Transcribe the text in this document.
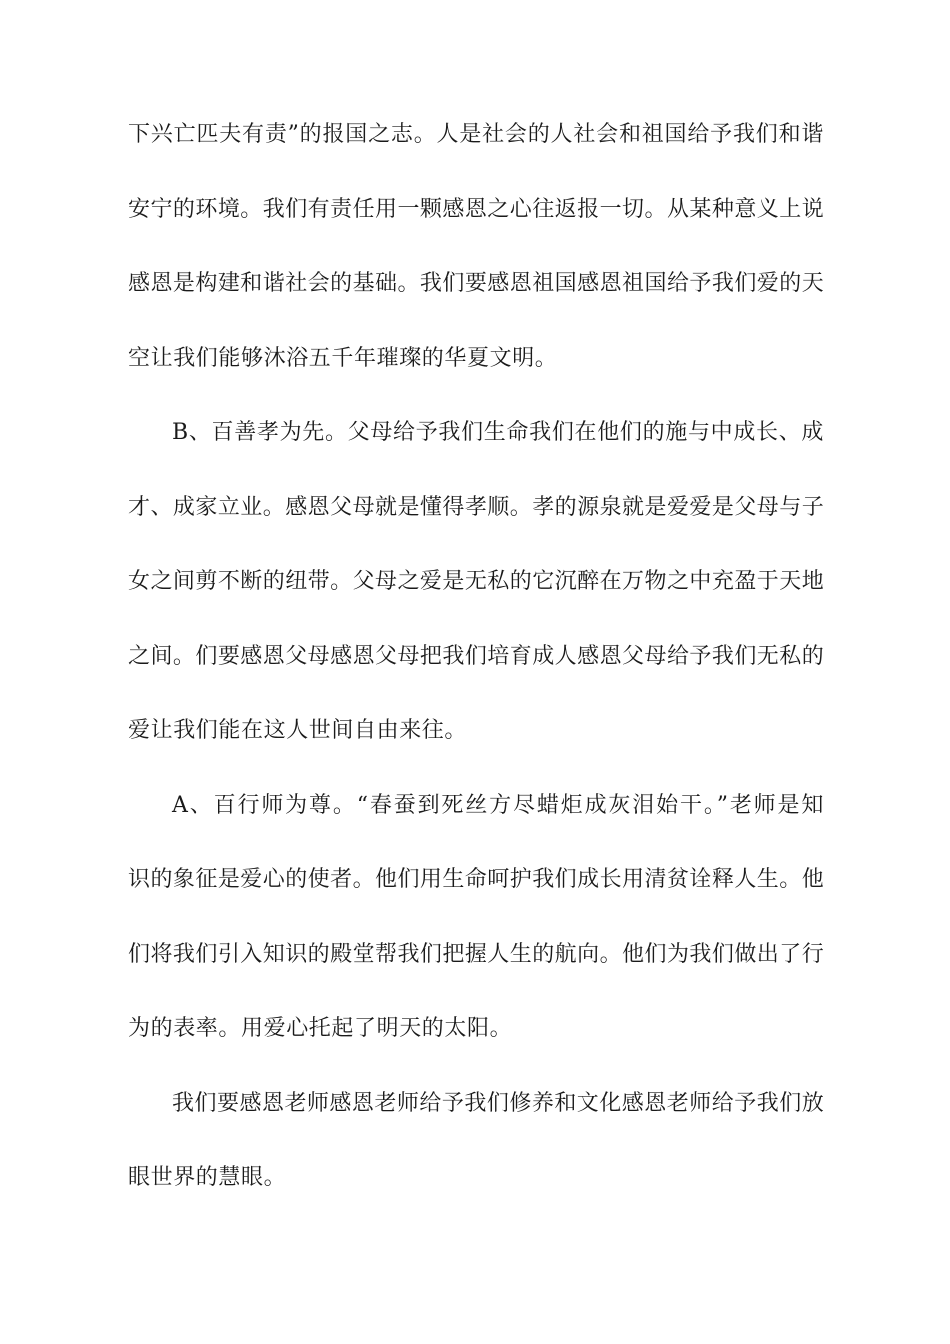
下兴亡匹夫有责”的报国之志。人是社会的人社会和祖国给予我们和谐
安宁的环境。我们有责任用一颗感恩之心往返报一切。从某种意义上说
感恩是构建和谐社会的基础。我们要感恩祖国感恩祖国给予我们爱的天
空让我们能够沐浴五千年璀璨的华夏文明。
B、百善孝为先。父母给予我们生命我们在他们的施与中成长、成
才、成家立业。感恩父母就是懂得孝顺。孝的源泉就是爱爱是父母与子
女之间剪不断的纽带。父母之爱是无私的它沉醉在万物之中充盈于天地
之间。们要感恩父母感恩父母把我们培育成人感恩父母给予我们无私的
爱让我们能在这人世间自由来往。
A、百行师为尊。“春蚕到死丝方尽蜡炬成灰泪始干。”老师是知
识的象征是爱心的使者。他们用生命呵护我们成长用清贫诠释人生。他
们将我们引入知识的殿堂帮我们把握人生的航向。他们为我们做出了行
为的表率。用爱心托起了明天的太阳。
我们要感恩老师感恩老师给予我们修养和文化感恩老师给予我们放
眼世界的慧眼。
